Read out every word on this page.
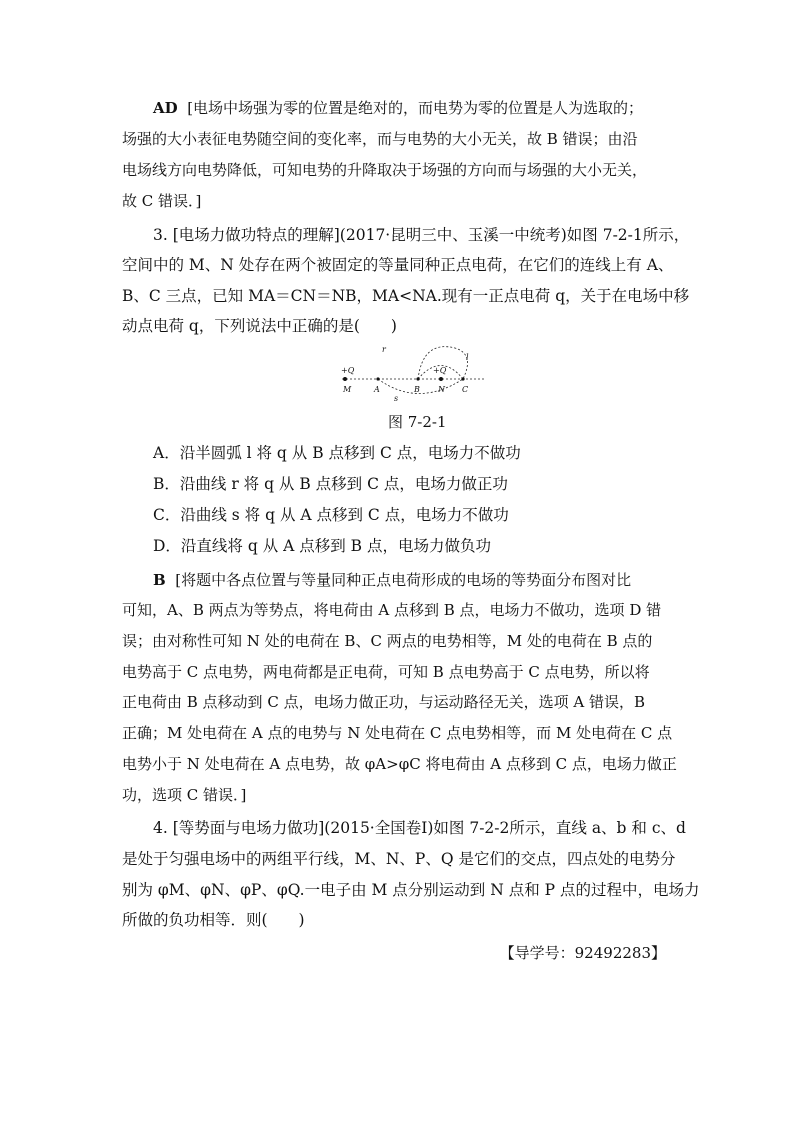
AD [电场中场强为零的位置是绝对的，而电势为零的位置是人为选取的；
场强的大小表征电势随空间的变化率，而与电势的大小无关，故 B 错误；由沿
电场线方向电势降低，可知电势的升降取决于场强的方向而与场强的大小无关，
故 C 错误．]
3. [电场力做功特点的理解](2017·昆明三中、玉溪一中统考)如图 7-2-1所示，
空间中的 M、N 处存在两个被固定的等量同种正点电荷，在它们的连线上有 A、
B、C 三点，已知 MA＝CN＝NB，MA<NA.现有一正点电荷 q，关于在电场中移
动点电荷 q，下列说法中正确的是(　　)
+Q
M	A	B
+Q
N C
r
l
s
图 7-2-1
A．沿半圆弧 l 将 q 从 B 点移到 C 点，电场力不做功
B．沿曲线 r 将 q 从 B 点移到 C 点，电场力做正功
C．沿曲线 s 将 q 从 A 点移到 C 点，电场力不做功
D．沿直线将 q 从 A 点移到 B 点，电场力做负功
B [将题中各点位置与等量同种正点电荷形成的电场的等势面分布图对比
可知，A、B 两点为等势点，将电荷由 A 点移到 B 点，电场力不做功，选项 D 错
误；由对称性可知 N 处的电荷在 B、C 两点的电势相等，M 处的电荷在 B 点的
电势高于 C 点电势，两电荷都是正电荷，可知 B 点电势高于 C 点电势，所以将
正电荷由 B 点移动到 C 点，电场力做正功，与运动路径无关，选项 A 错误，B
正确；M 处电荷在 A 点的电势与 N 处电荷在 C 点电势相等，而 M 处电荷在 C 点
电势小于 N 处电荷在 A 点电势，故 φA>φC 将电荷由 A 点移到 C 点，电场力做正
功，选项 C 错误．]
4. [等势面与电场力做功](2015·全国卷Ⅰ)如图 7-2-2所示，直线 a、b 和 c、d
是处于匀强电场中的两组平行线，M、N、P、Q 是它们的交点，四点处的电势分
别为 φM、φN、φP、φQ.一电子由 M 点分别运动到 N 点和 P 点的过程中，电场力
所做的负功相等．则(　　)
【导学号：92492283】
